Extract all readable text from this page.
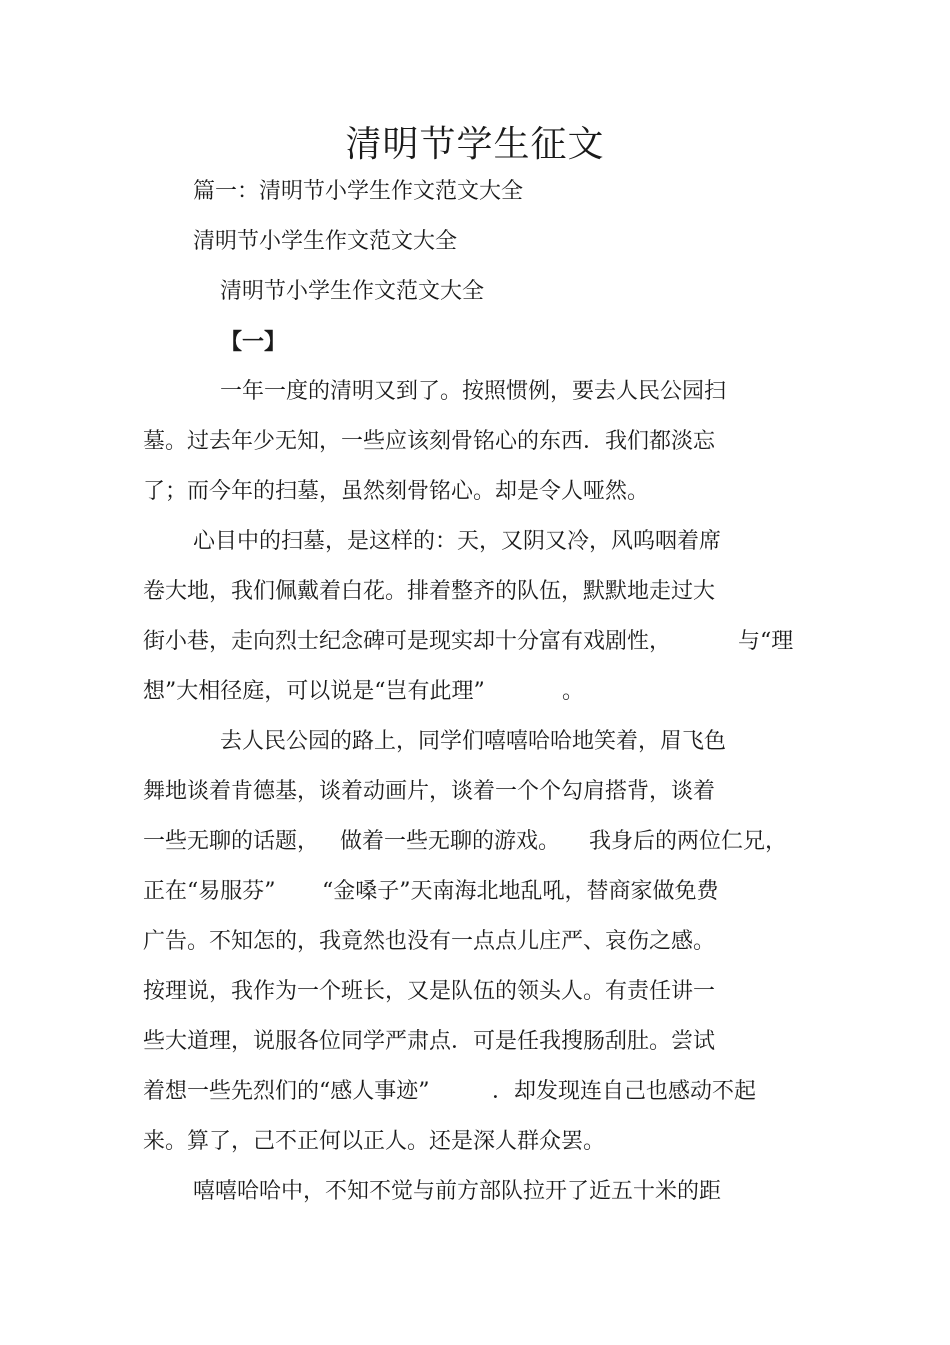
清明节学生征文
篇一：清明节小学生作文范文大全
清明节小学生作文范文大全
清明节小学生作文范文大全
【一】
一年一度的清明又到了。按照惯例，要去人民公园扫
墓。过去年少无知，一些应该刻骨铭心的东西．我们都淡忘
了；而今年的扫墓，虽然刻骨铭心。却是令人哑然。
心目中的扫墓，是这样的：天，又阴又冷，风呜咽着席
卷大地，我们佩戴着白花。排着整齐的队伍，默默地走过大
街小巷，走向烈士纪念碑可是现实却十分富有戏剧性，	与“理
想”大相径庭，可以说是“岂有此理”	。
去人民公园的路上，同学们嘻嘻哈哈地笑着，眉飞色
舞地谈着肯德基，谈着动画片，谈着一个个勾肩搭背，谈着
一些无聊的话题， 做着一些无聊的游戏。 我身后的两位仁兄，
正在“易服芬” “金嗓子”天南海北地乱吼，替商家做免费
广告。不知怎的，我竟然也没有一点点儿庄严、哀伤之感。
按理说，我作为一个班长，又是队伍的领头人。有责任讲一
些大道理，说服各位同学严肃点．可是任我搜肠刮肚。尝试
着想一些先烈们的“感人事迹”	．却发现连自己也感动不起
来。算了，己不正何以正人。还是深人群众罢。
嘻嘻哈哈中，不知不觉与前方部队拉开了近五十米的距
